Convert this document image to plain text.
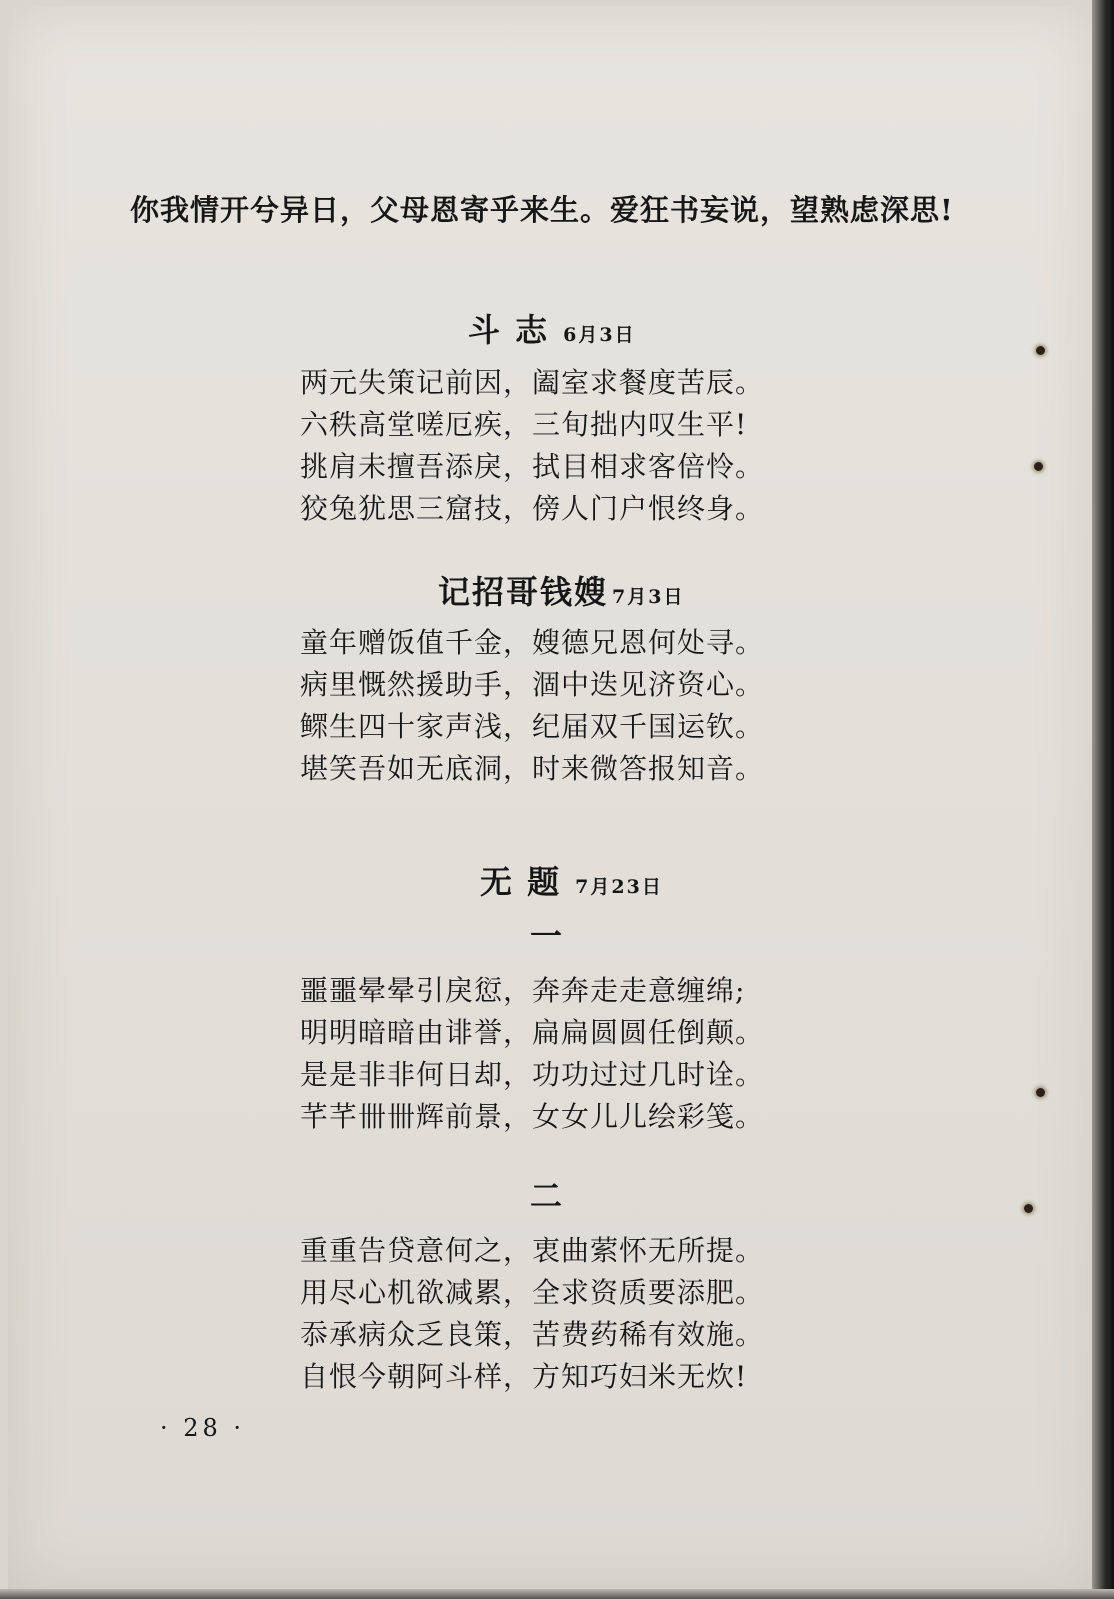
你我情开兮异日，父母恩寄乎来生。爱狂书妄说，望熟虑深思!

斗 志 6月3日
两元失策记前因，阖室求餐度苦辰。
六秩高堂嗟厄疾，三旬拙内叹生平!
挑肩未擅吾添戾，拭目相求客倍怜。
狡兔犹思三窟技，傍人门户恨终身。
记招哥钱嫂 7月3日
童年赠饭值千金，嫂德兄恩何处寻。
病里慨然援助手，涸中迭见济资心。
鳏生四十家声浅，纪届双千国运钦。
堪笑吾如无底洞，时来微答报知音。
无 题 7月23日

一

噩噩晕晕引戾愆，奔奔走走意缠绵;
明明暗暗由诽誉，扁扁圆圆任倒颠。
是是非非何日却，功功过过几时诠。
芊芊卌卌辉前景，女女儿儿绘彩笺。

二

重重告贷意何之，衷曲萦怀无所提。
用尽心机欲减累，全求资质要添肥。
忝承病众乏良策，苦费药稀有效施。
自恨今朝阿斗样，方知巧妇米无炊!

· 28 ·
